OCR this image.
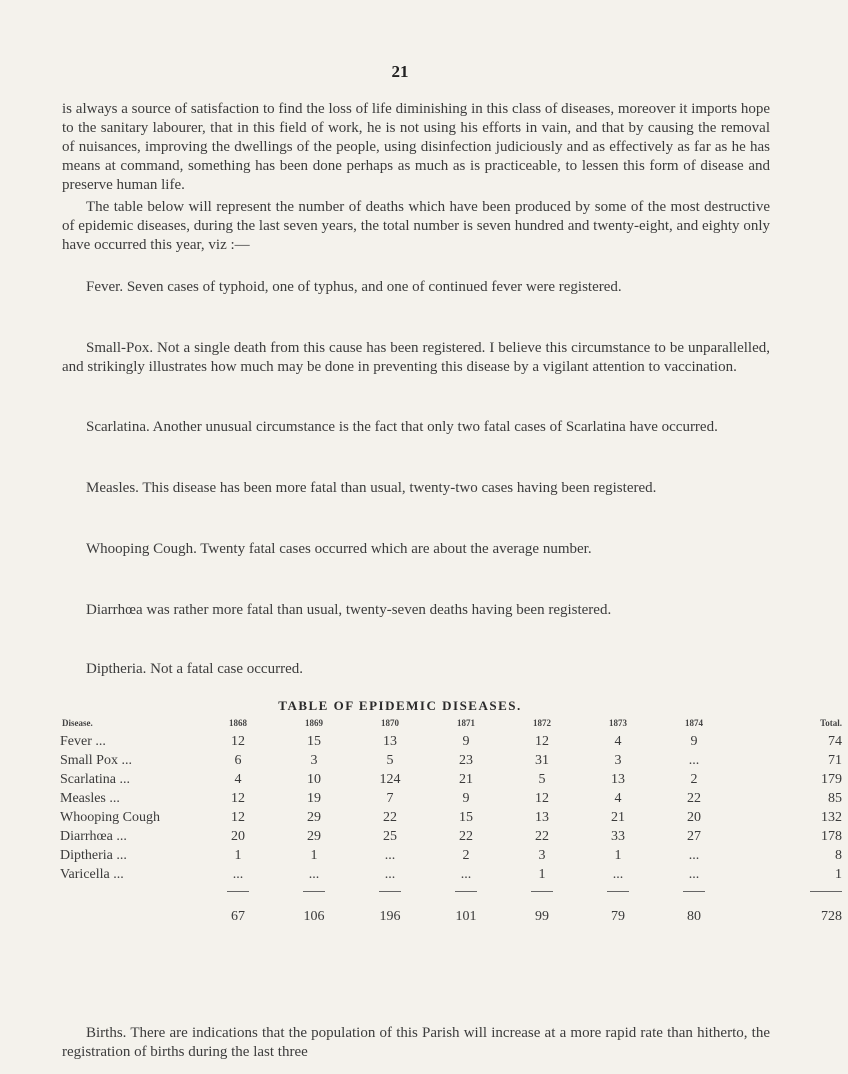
21

is always a source of satisfaction to find the loss of life diminishing in this class of diseases, moreover it imports hope to the sanitary labourer, that in this field of work, he is not using his efforts in vain, and that by causing the removal of nuisances, improving the dwellings of the people, using disinfection judiciously and as effectively as far as he has means at command, something has been done perhaps as much as is practiceable, to lessen this form of disease and preserve human life.

The table below will represent the number of deaths which have been produced by some of the most destructive of epidemic diseases, during the last seven years, the total number is seven hundred and twenty-eight, and eighty only have occurred this year, viz :—

Fever. Seven cases of typhoid, one of typhus, and one of continued fever were registered.

Small-Pox. Not a single death from this cause has been registered. I believe this circumstance to be unparallelled, and strikingly illustrates how much may be done in preventing this disease by a vigilant attention to vaccination.

Scarlatina. Another unusual circumstance is the fact that only two fatal cases of Scarlatina have occurred.

Measles. This disease has been more fatal than usual, twenty-two cases having been registered.

Whooping Cough. Twenty fatal cases occurred which are about the average number.

Diarrhœa was rather more fatal than usual, twenty-seven deaths having been registered.

Diptheria. Not a fatal case occurred.

TABLE OF EPIDEMIC DISEASES.
Disease.	1868	1869	1870	1871	1872	1873	1874	Total.
Fever ...	12	15	13	9	12	4	9	74
Small Pox ...	6	3	5	23	31	3	...	71
Scarlatina ...	4	10	124	21	5	13	2	179
Measles ...	12	19	7	9	12	4	22	85
Whooping Cough	12	29	22	15	13	21	20	132
Diarrhœa ...	20	29	25	22	22	33	27	178
Diptheria ...	1	1	...	2	3	1	...	8
Varicella ...	...	...	...	...	1	...	...	1

	67	106	196	101	99	79	80	728

Births. There are indications that the population of this Parish will increase at a more rapid rate than hitherto, the registration of births during the last three
